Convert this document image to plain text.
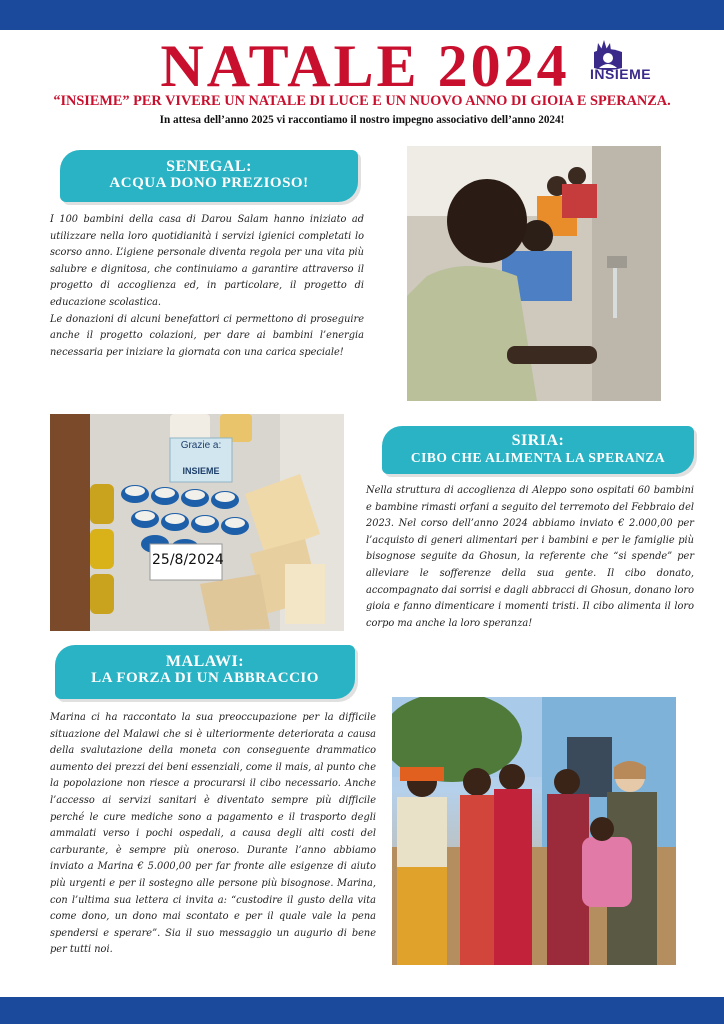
NATALE 2024	INSIEME

“INSIEME” PER VIVERE UN NATALE DI LUCE E UN NUOVO ANNO DI GIOIA E SPERANZA.

In attesa dell’anno 2025 vi raccontiamo il nostro impegno associativo dell’anno 2024!

SENEGAL:
ACQUA DONO PREZIOSO!

I 100 bambini della casa di Darou Salam hanno iniziato ad utilizzare nella loro quotidianità i servizi igienici completati lo scorso anno. L’igiene personale diventa regola per una vita più salubre e dignitosa, che continuiamo a garantire attraverso il progetto di accoglienza ed, in particolare, il progetto di educazione scolastica.

Le donazioni di alcuni benefattori ci permettono di proseguire anche il progetto colazioni, per dare ai bambini l’energia necessaria per iniziare la giornata con una carica speciale!

Grazie a:
INSIEME
25/8/2024
SIRIA:
CIBO CHE ALIMENTA LA SPERANZA

Nella struttura di accoglienza di Aleppo sono ospitati 60 bambini e bambine rimasti orfani a seguito del terremoto del Febbraio del 2023. Nel corso dell’anno 2024 abbiamo inviato € 2.000,00 per l’acquisto di generi alimentari per i bambini e per le famiglie più bisognose seguite da Ghosun, la referente che “si spende” per alleviare le sofferenze della sua gente. Il cibo donato, accompagnato dai sorrisi e dagli abbracci di Ghosun, donano loro gioia e fanno dimenticare i momenti tristi. Il cibo alimenta il loro corpo ma anche la loro speranza!

MALAWI:
LA FORZA DI UN ABBRACCIO

Marina ci ha raccontato la sua preoccupazione per la difficile situazione del Malawi che si è ulteriormente deteriorata a causa della svalutazione della moneta con conseguente drammatico aumento dei prezzi dei beni essenziali, come il mais, al punto che la popolazione non riesce a procurarsi il cibo necessario. Anche l’accesso ai servizi sanitari è diventato sempre più difficile perché le cure mediche sono a pagamento e il trasporto degli ammalati verso i pochi ospedali, a causa degli alti costi del carburante, è sempre più oneroso. Durante l’anno abbiamo inviato a Marina € 5.000,00 per far fronte alle esigenze di aiuto più urgenti e per il sostegno alle persone più bisognose. Marina, con l’ultima sua lettera ci invita a: “custodire il gusto della vita come dono, un dono mai scontato e per il quale vale la pena spendersi e sperare”. Sia il suo messaggio un augurio di bene per tutti noi.
